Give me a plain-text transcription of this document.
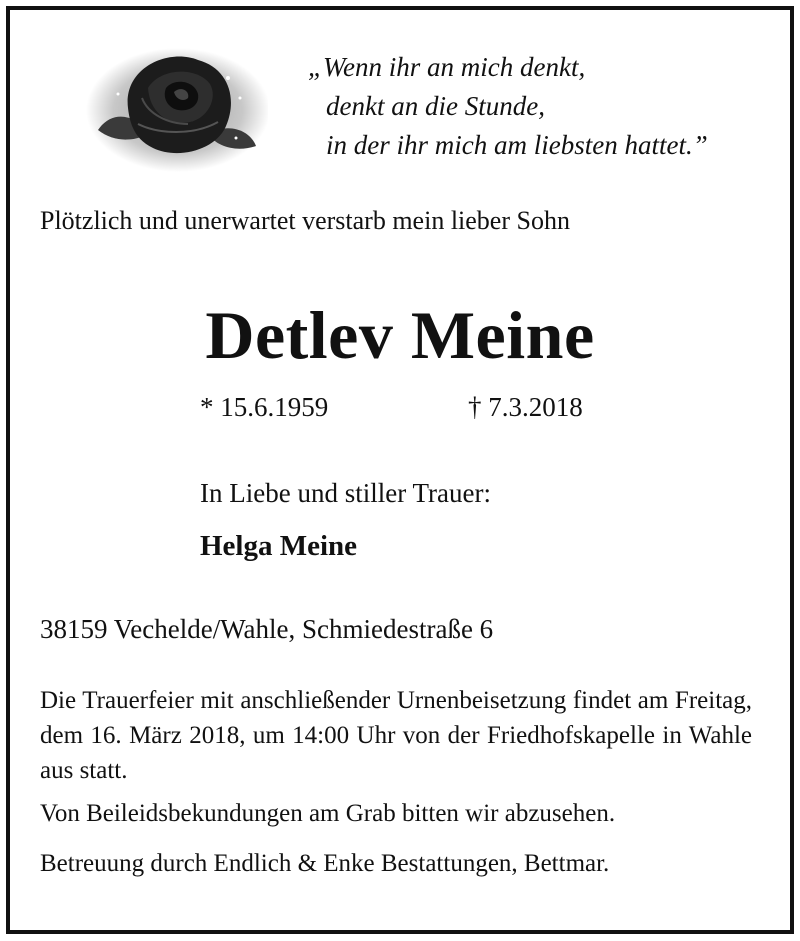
„Wenn ihr an mich denkt,
denkt an die Stunde,
in der ihr mich am liebsten hattet.”

Plötzlich und unerwartet verstarb mein lieber Sohn

Detlev Meine
* 15.6.1959	† 7.3.2018
In Liebe und stiller Trauer:
Helga Meine
38159 Vechelde/Wahle, Schmiedestraße 6

Die Trauerfeier mit anschließender Urnenbeisetzung findet am Freitag, dem 16. März 2018, um 14:00 Uhr von der Friedhofskapelle in Wahle aus statt.

Von Beileidsbekundungen am Grab bitten wir abzusehen.
Betreuung durch Endlich & Enke Bestattungen, Bettmar.
